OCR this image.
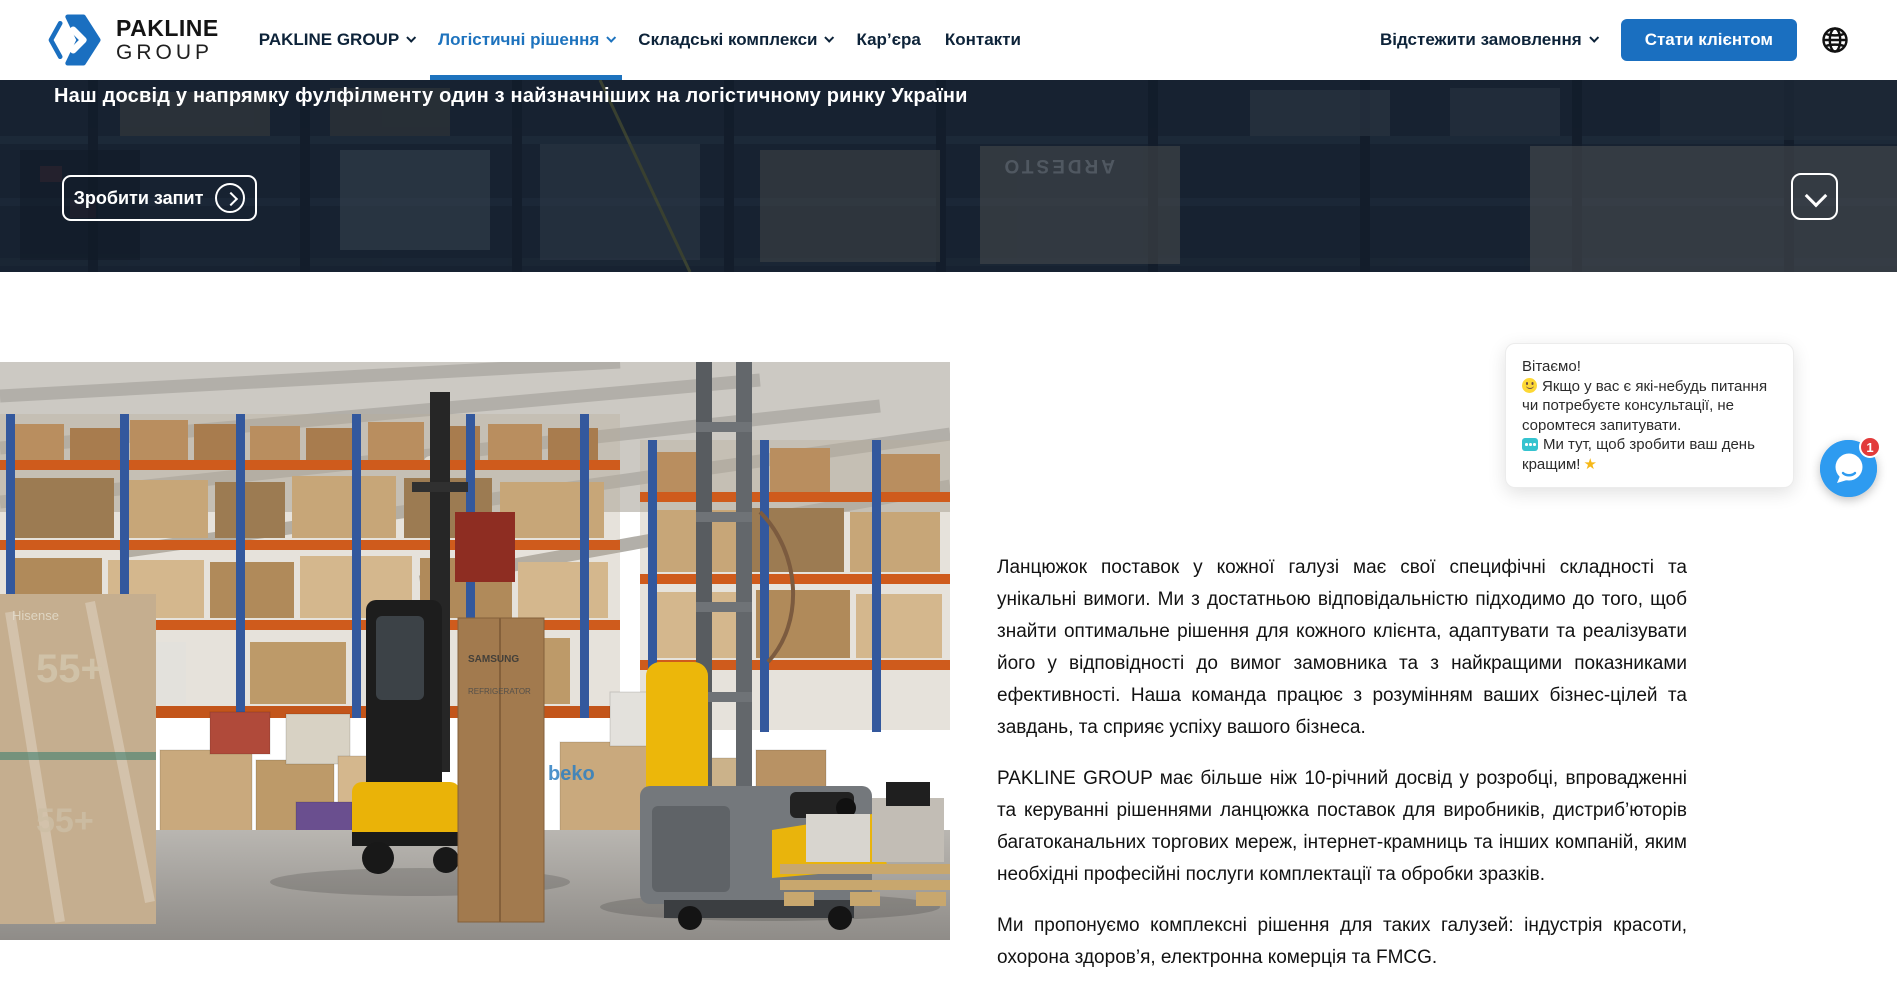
PAKLINE
GROUP
PAKLINE GROUP Логістичні рішення Складські комплекси Кар’єра Контакти	Відстежити замовлення	Стати клієнтом
Наш досвід у напрямку фулфілменту один з найзначніших на логістичному ринку України
Зробити запит
Hisense
55+
55+
SAMSUNG
REFRIGERATOR
beko

Ланцюжок поставок у кожної галузі має свої специфічні складності та унікальні вимоги. Ми з достатньою відповідальністю підходимо до того, щоб знайти оптимальне рішення для кожного клієнта, адаптувати та реалізувати його у відповідності до вимог замовника та з найкращими показниками ефективності. Наша команда працює з розумінням ваших бізнес-цілей та завдань, та сприяє успіху вашого бізнеса.

PAKLINE GROUP має більше ніж 10-річний досвід у розробці, впровадженні та керуванні рішеннями ланцюжка поставок для виробників, дистриб’юторів багатоканальних торгових мереж, інтернет-крамниць та інших компаній, яким необхідні професійні послуги комплектації та обробки зразків.

Ми пропонуємо комплексні рішення для таких галузей: індустрія красоти, охорона здоров’я, електронна комерція та FMCG.

Вітаємо!

Якщо у вас є які-небудь питання чи потребуєте консультації, не соромтеся запитувати.

Ми тут, щоб зробити ваш день кращим! ★

1
